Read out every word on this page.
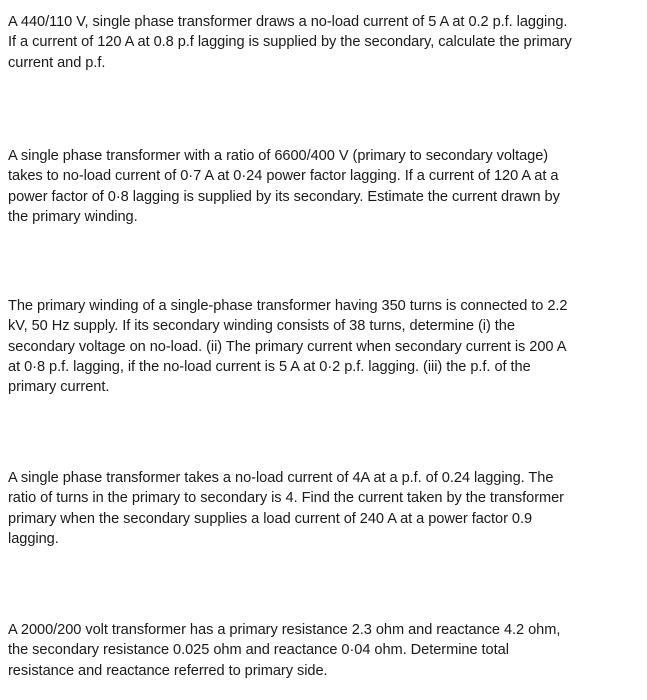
A 440/110 V, single phase transformer draws a no-load current of 5 A at 0.2 p.f. lagging.
If a current of 120 A at 0.8 p.f lagging is supplied by the secondary, calculate the primary
current and p.f.
A single phase transformer with a ratio of 6600/400 V (primary to secondary voltage)
takes to no-load current of 0·7 A at 0·24 power factor lagging. If a current of 120 A at a
power factor of 0·8 lagging is supplied by its secondary. Estimate the current drawn by
the primary winding.
The primary winding of a single-phase transformer having 350 turns is connected to 2.2
kV, 50 Hz supply. If its secondary winding consists of 38 turns, determine (i) the
secondary voltage on no-load. (ii) The primary current when secondary current is 200 A
at 0·8 p.f. lagging, if the no-load current is 5 A at 0·2 p.f. lagging. (iii) the p.f. of the
primary current.
A single phase transformer takes a no-load current of 4A at a p.f. of 0.24 lagging. The
ratio of turns in the primary to secondary is 4. Find the current taken by the transformer
primary when the secondary supplies a load current of 240 A at a power factor 0.9
lagging.
A 2000/200 volt transformer has a primary resistance 2.3 ohm and reactance 4.2 ohm,
the secondary resistance 0.025 ohm and reactance 0·04 ohm. Determine total
resistance and reactance referred to primary side.
